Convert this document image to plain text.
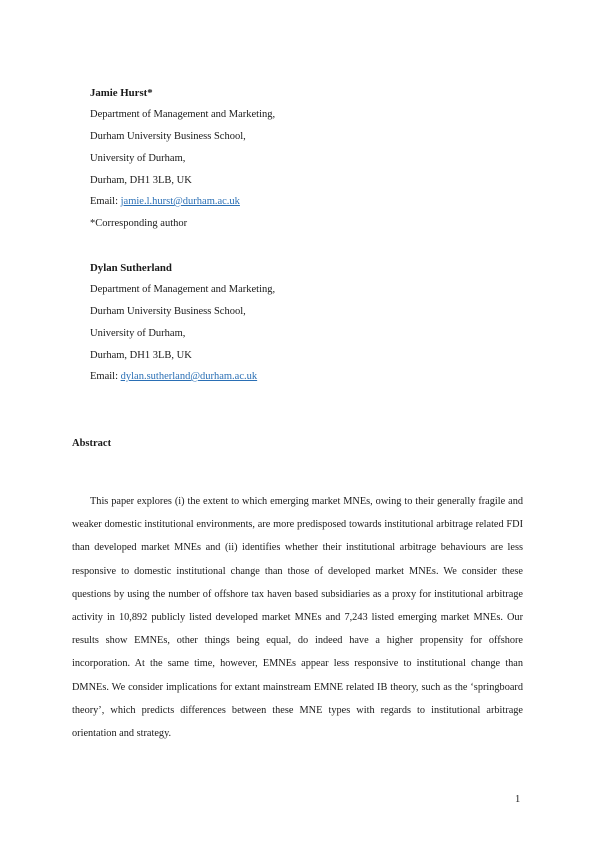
Jamie Hurst*
Department of Management and Marketing,
Durham University Business School,
University of Durham,
Durham, DH1 3LB, UK
Email: jamie.l.hurst@durham.ac.uk
*Corresponding author
Dylan Sutherland
Department of Management and Marketing,
Durham University Business School,
University of Durham,
Durham, DH1 3LB, UK
Email: dylan.sutherland@durham.ac.uk
Abstract

This paper explores (i) the extent to which emerging market MNEs, owing to their generally fragile and weaker domestic institutional environments, are more predisposed towards institutional arbitrage related FDI than developed market MNEs and (ii) identifies whether their institutional arbitrage behaviours are less responsive to domestic institutional change than those of developed market MNEs. We consider these questions by using the number of offshore tax haven based subsidiaries as a proxy for institutional arbitrage activity in 10,892 publicly listed developed market MNEs and 7,243 listed emerging market MNEs. Our results show EMNEs, other things being equal, do indeed have a higher propensity for offshore incorporation. At the same time, however, EMNEs appear less responsive to institutional change than DMNEs. We consider implications for extant mainstream EMNE related IB theory, such as the ‘springboard theory’, which predicts differences between these MNE types with regards to institutional arbitrage orientation and strategy.

1
